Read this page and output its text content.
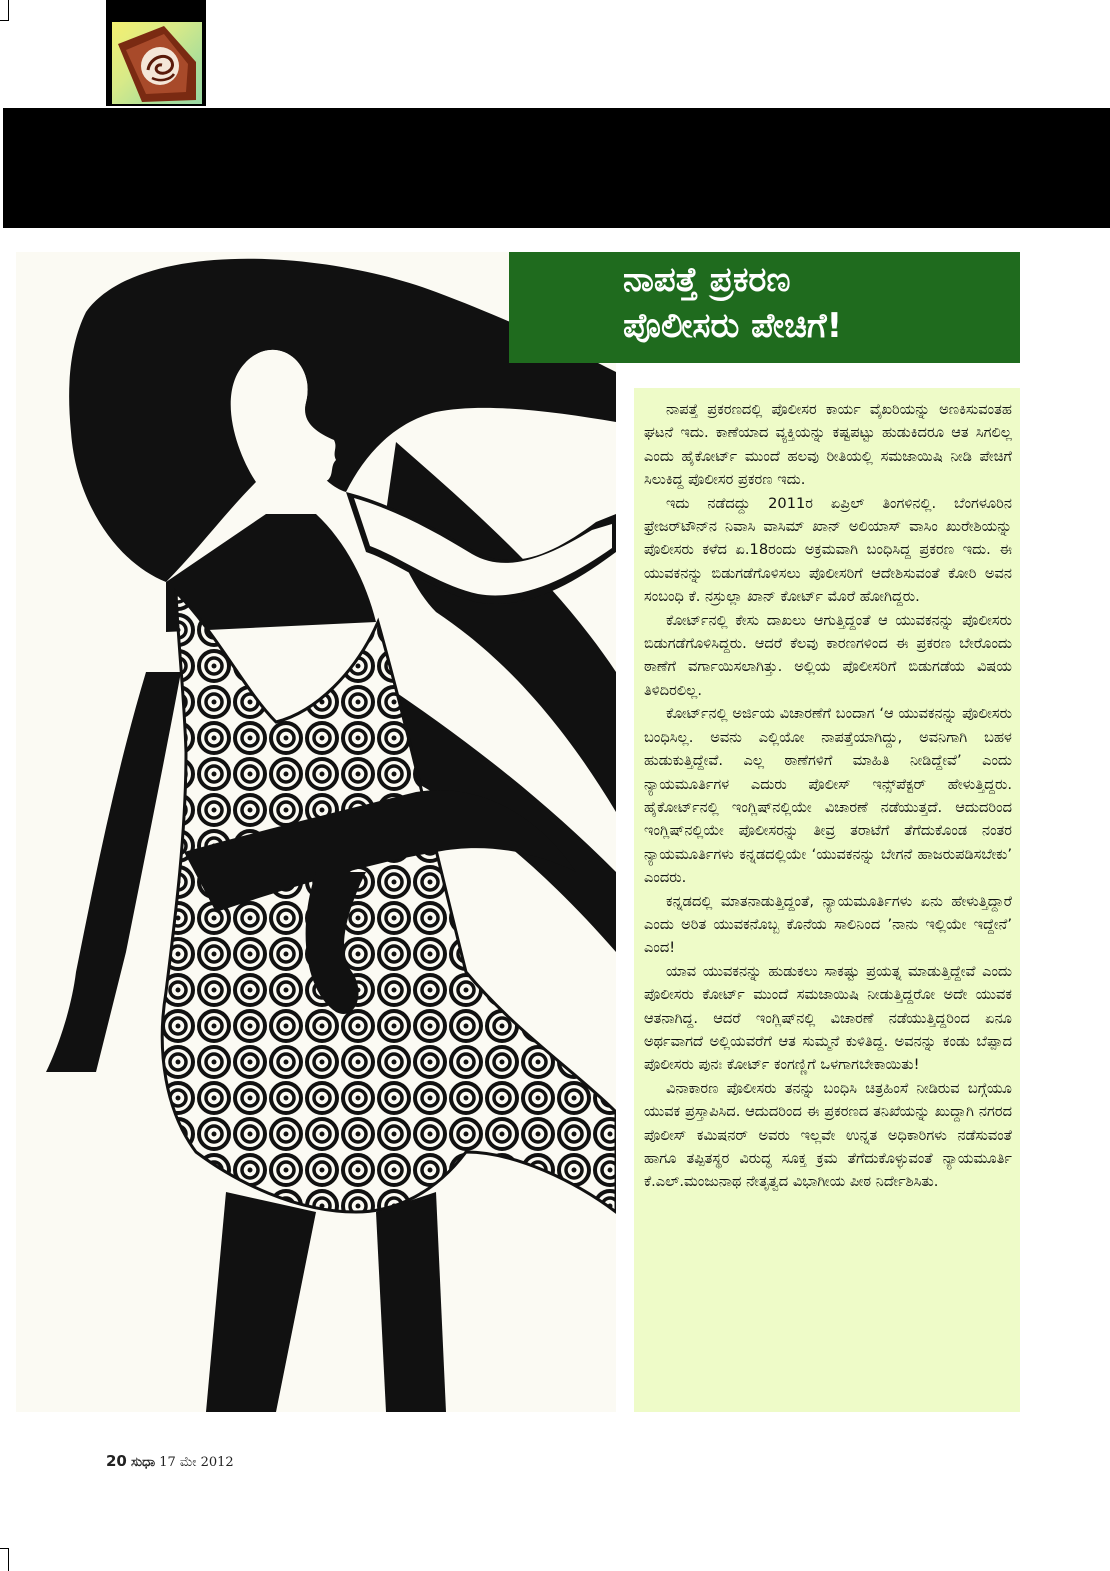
ನಾಪತ್ತೆ ಪ್ರಕರಣ
ಪೊಲೀಸರು ಪೇಚಿಗೆ!

ನಾಪತ್ತೆ ಪ್ರಕರಣದಲ್ಲಿ ಪೊಲೀಸರ ಕಾರ್ಯ ವೈಖರಿಯನ್ನು ಅಣಕಿಸುವಂತಹ ಘಟನೆ ಇದು. ಕಾಣೆಯಾದ ವ್ಯಕ್ತಿಯನ್ನು ಕಷ್ಟಪಟ್ಟು ಹುಡುಕಿದರೂ ಆತ ಸಿಗಲಿಲ್ಲ ಎಂದು ಹೈಕೋರ್ಟ್ ಮುಂದೆ ಹಲವು ರೀತಿಯಲ್ಲಿ ಸಮಜಾಯಿಷಿ ನೀಡಿ ಪೇಚಿಗೆ ಸಿಲುಕಿದ್ದ ಪೊಲೀಸರ ಪ್ರಕರಣ ಇದು.

ಇದು ನಡೆದದ್ದು 2011ರ ಏಪ್ರಿಲ್ ತಿಂಗಳಿನಲ್ಲಿ. ಬೆಂಗಳೂರಿನ ಫ್ರೇಜರ್‌ಟೌನ್‌ನ ನಿವಾಸಿ ವಾಸಿಮ್ ಖಾನ್ ಅಲಿಯಾಸ್ ವಾಸಿಂ ಖುರೇಶಿಯನ್ನು ಪೊಲೀಸರು ಕಳೆದ ಏ.18ರಂದು ಅಕ್ರಮವಾಗಿ ಬಂಧಿಸಿದ್ದ ಪ್ರಕರಣ ಇದು. ಈ ಯುವಕನನ್ನು ಬಿಡುಗಡೆಗೊಳಿಸಲು ಪೊಲೀಸರಿಗೆ ಆದೇಶಿಸುವಂತೆ ಕೋರಿ ಅವನ ಸಂಬಂಧಿ ಕೆ. ನಸ್ರುಲ್ಲಾ ಖಾನ್ ಕೋರ್ಟ್ ಮೊರೆ ಹೋಗಿದ್ದರು.

ಕೋರ್ಟ್‌ನಲ್ಲಿ ಕೇಸು ದಾಖಲು ಆಗುತ್ತಿದ್ದಂತೆ ಆ ಯುವಕನನ್ನು ಪೊಲೀಸರು ಬಿಡುಗಡೆಗೊಳಿಸಿದ್ದರು. ಆದರೆ ಕೆಲವು ಕಾರಣಗಳಿಂದ ಈ ಪ್ರಕರಣ ಬೇರೊಂದು ಠಾಣೆಗೆ ವರ್ಗಾಯಿಸಲಾಗಿತ್ತು. ಅಲ್ಲಿಯ ಪೊಲೀಸರಿಗೆ ಬಿಡುಗಡೆಯ ವಿಷಯ ತಿಳಿದಿರಲಿಲ್ಲ.

ಕೋರ್ಟ್‌ನಲ್ಲಿ ಅರ್ಜಿಯ ವಿಚಾರಣೆಗೆ ಬಂದಾಗ ‘ಆ ಯುವಕನನ್ನು ಪೊಲೀಸರು ಬಂಧಿಸಿಲ್ಲ. ಅವನು ಎಲ್ಲಿಯೋ ನಾಪತ್ತೆಯಾಗಿದ್ದು, ಅವನಿಗಾಗಿ ಬಹಳ ಹುಡುಕುತ್ತಿದ್ದೇವೆ. ಎಲ್ಲ ಠಾಣೆಗಳಿಗೆ ಮಾಹಿತಿ ನೀಡಿದ್ದೇವೆ’ ಎಂದು ನ್ಯಾಯಮೂರ್ತಿಗಳ ಎದುರು ಪೊಲೀಸ್ ಇನ್ಸ್‌ಪೆಕ್ಟರ್ ಹೇಳುತ್ತಿದ್ದರು. ಹೈಕೋರ್ಟ್‌ನಲ್ಲಿ ಇಂಗ್ಲಿಷ್‌ನಲ್ಲಿಯೇ ವಿಚಾರಣೆ ನಡೆಯುತ್ತದೆ. ಆದುದರಿಂದ ಇಂಗ್ಲಿಷ್‌ನಲ್ಲಿಯೇ ಪೊಲೀಸರನ್ನು ತೀವ್ರ ತರಾಟೆಗೆ ತೆಗೆದುಕೊಂಡ ನಂತರ ನ್ಯಾಯಮೂರ್ತಿಗಳು ಕನ್ನಡದಲ್ಲಿಯೇ ‘ಯುವಕನನ್ನು ಬೇಗನೆ ಹಾಜರುಪಡಿಸಬೇಕು’ ಎಂದರು.

ಕನ್ನಡದಲ್ಲಿ ಮಾತನಾಡುತ್ತಿದ್ದಂತೆ, ನ್ಯಾಯಮೂರ್ತಿಗಳು ಏನು ಹೇಳುತ್ತಿದ್ದಾರೆ ಎಂದು ಅರಿತ ಯುವಕನೊಬ್ಬ ಕೊನೆಯ ಸಾಲಿನಿಂದ ’ನಾನು ಇಲ್ಲಿಯೇ ಇದ್ದೇನೆ’ ಎಂದ!

ಯಾವ ಯುವಕನನ್ನು ಹುಡುಕಲು ಸಾಕಷ್ಟು ಪ್ರಯತ್ನ ಮಾಡುತ್ತಿದ್ದೇವೆ ಎಂದು ಪೊಲೀಸರು ಕೋರ್ಟ್ ಮುಂದೆ ಸಮಜಾಯಿಷಿ ನೀಡುತ್ತಿದ್ದರೋ ಅದೇ ಯುವಕ ಆತನಾಗಿದ್ದ. ಆದರೆ ಇಂಗ್ಲಿಷ್‌ನಲ್ಲಿ ವಿಚಾರಣೆ ನಡೆಯುತ್ತಿದ್ದರಿಂದ ಏನೂ ಅರ್ಥವಾಗದೆ ಅಲ್ಲಿಯವರೆಗೆ ಆತ ಸುಮ್ಮನೆ ಕುಳಿತಿದ್ದ. ಅವನನ್ನು ಕಂಡು ಬೆಪ್ಪಾದ ಪೊಲೀಸರು ಪುನಃ ಕೋರ್ಟ್ ಕಂಗಣ್ಣಿಗೆ ಒಳಗಾಗಬೇಕಾಯಿತು!

ವಿನಾಕಾರಣ ಪೊಲೀಸರು ತನನ್ನು ಬಂಧಿಸಿ ಚಿತ್ರಹಿಂಸೆ ನೀಡಿರುವ ಬಗ್ಗೆಯೂ ಯುವಕ ಪ್ರಸ್ತಾಪಿಸಿದ. ಆದುದರಿಂದ ಈ ಪ್ರಕರಣದ ತನಿಖೆಯನ್ನು ಖುದ್ದಾಗಿ ನಗರದ ಪೊಲೀಸ್ ಕಮಿಷನರ್ ಅವರು ಇಲ್ಲವೇ ಉನ್ನತ ಅಧಿಕಾರಿಗಳು ನಡೆಸುವಂತೆ ಹಾಗೂ ತಪ್ಪಿತಸ್ಥರ ವಿರುದ್ಧ ಸೂಕ್ತ ಕ್ರಮ ತೆಗೆದುಕೊಳ್ಳುವಂತೆ ನ್ಯಾಯಮೂರ್ತಿ ಕೆ.ಎಲ್.ಮಂಜುನಾಥ ನೇತೃತ್ವದ ವಿಭಾಗೀಯ ಪೀಠ ನಿರ್ದೇಶಿಸಿತು.

20 ಸುಧಾ 17 ಮೇ 2012
